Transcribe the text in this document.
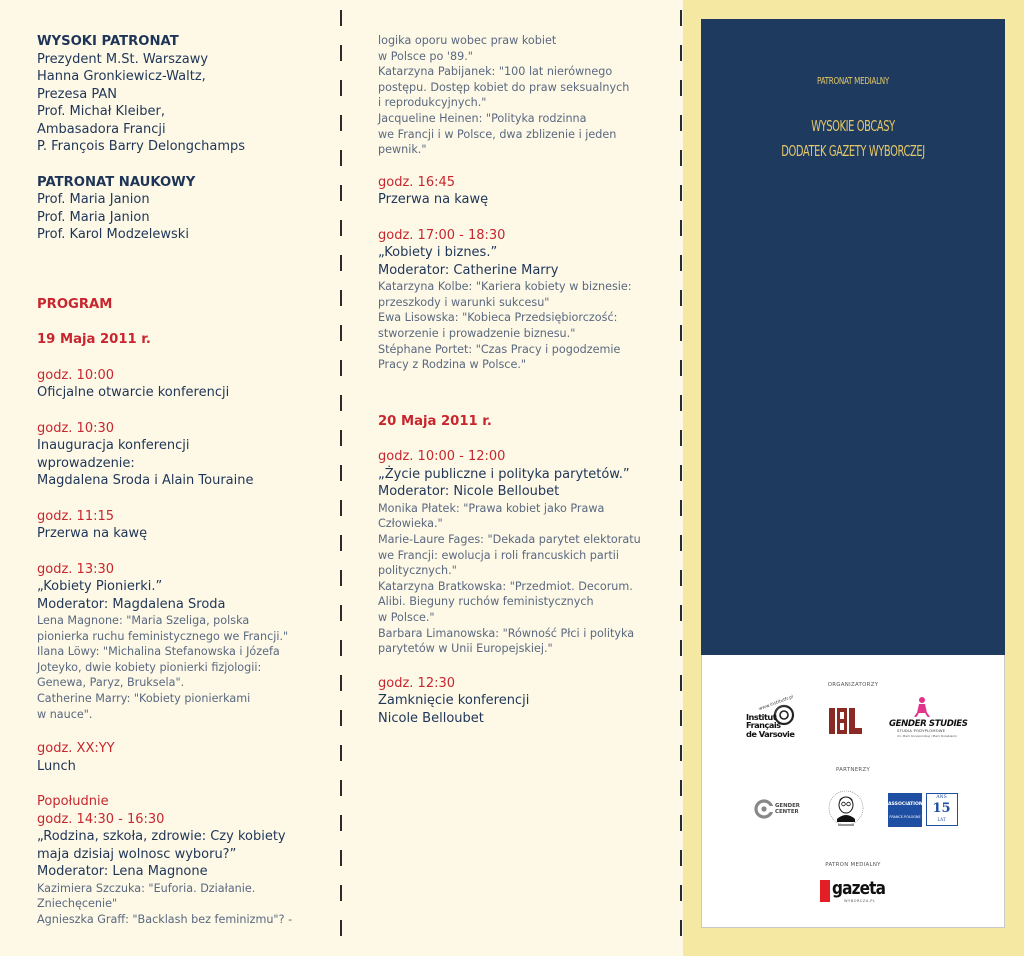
PATRONAT MEDIALNY
WYSOKIE OBCASY
DODATEK GAZETY WYBORCZEJ
ORGANIZATORZY
www.institutfr.pl
Institut
Français
de Varsovie
GENDER STUDIES
STUDIA PODYPLOMOWE
im. Marii Konopnickiej i Marii Dulębianki
PARTNERZY
GENDER
CENTER
ASSOCIATION
FRANCE-POLOGNE
ANS
15
LAT
PATRON MEDIALNY
gazeta
WYBORCZA.PL
WYSOKI PATRONAT
Prezydent M.St. Warszawy
Hanna Gronkiewicz-Waltz,
Prezesa PAN
Prof. Michał Kleiber,
Ambasadora Francji
P. François Barry Delongchamps
PATRONAT NAUKOWY
Prof. Maria Janion
Prof. Maria Janion
Prof. Karol Modzelewski
PROGRAM
19 Maja 2011 r.
godz. 10:00
Oficjalne otwarcie konferencji
godz. 10:30
Inauguracja konferencji
wprowadzenie:
Magdalena Sroda i Alain Touraine
godz. 11:15
Przerwa na kawę
godz. 13:30
„Kobiety Pionierki.”
Moderator: Magdalena Sroda
Lena Magnone: "Maria Szeliga, polska
pionierka ruchu feministycznego we Francji."
Ilana Löwy: "Michalina Stefanowska i Józefa
Joteyko, dwie kobiety pionierki fizjologii:
Genewa, Paryz, Bruksela".
Catherine Marry: "Kobiety pionierkami
w nauce".
godz. XX:YY
Lunch
Popołudnie
godz. 14:30 - 16:30
„Rodzina, szkoła, zdrowie: Czy kobiety
maja dzisiaj wolnosc wyboru?”
Moderator: Lena Magnone
Kazimiera Szczuka: "Euforia. Działanie.
Zniechęcenie"
Agnieszka Graff: "Backlash bez feminizmu"? -
logika oporu wobec praw kobiet
w Polsce po '89."
Katarzyna Pabijanek: "100 lat nierównego
postępu. Dostęp kobiet do praw seksualnych
i reprodukcyjnych."
Jacqueline Heinen: "Polityka rodzinna
we Francji i w Polsce, dwa zblizenie i jeden
pewnik."
godz. 16:45
Przerwa na kawę
godz. 17:00 - 18:30
„Kobiety i biznes.”
Moderator: Catherine Marry
Katarzyna Kolbe: "Kariera kobiety w biznesie:
przeszkody i warunki sukcesu"
Ewa Lisowska: "Kobieca Przedsiębiorczość:
stworzenie i prowadzenie biznesu."
Stéphane Portet: "Czas Pracy i pogodzemie
Pracy z Rodzina w Polsce."
20 Maja 2011 r.
godz. 10:00 - 12:00
„Życie publiczne i polityka parytetów.”
Moderator: Nicole Belloubet
Monika Płatek: "Prawa kobiet jako Prawa
Człowieka."
Marie-Laure Fages: "Dekada parytet elektoratu
we Francji: ewolucja i roli francuskich partii
politycznych."
Katarzyna Bratkowska: "Przedmiot. Decorum.
Alibi. Bieguny ruchów feministycznych
w Polsce."
Barbara Limanowska: "Równość Płci i polityka
parytetów w Unii Europejskiej."
godz. 12:30
Zamknięcie konferencji
Nicole Belloubet
